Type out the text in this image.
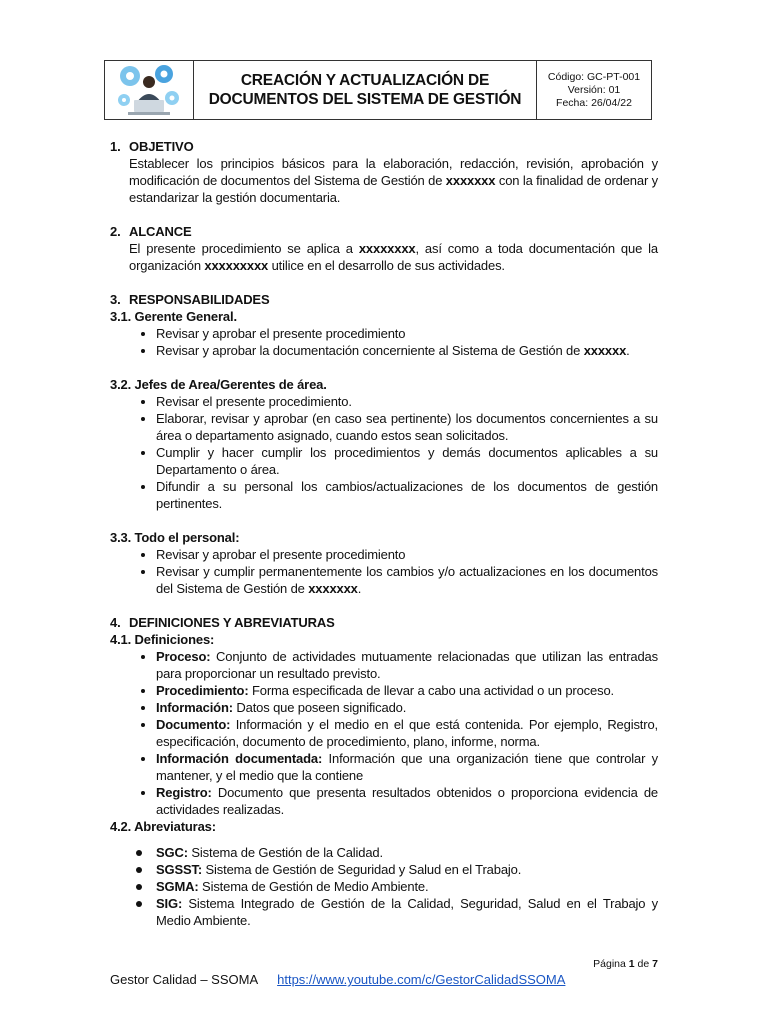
CREACIÓN Y ACTUALIZACIÓN DE
DOCUMENTOS DEL SISTEMA DE GESTIÓN
Código: GC-PT-001
Versión: 01
Fecha: 26/04/22
1. OBJETIVO
Establecer los principios básicos para la elaboración, redacción, revisión, aprobación y modificación de documentos del Sistema de Gestión de xxxxxxx con la finalidad de ordenar y estandarizar la gestión documentaria.
2. ALCANCE
El presente procedimiento se aplica a xxxxxxxx, así como a toda documentación que la organización xxxxxxxxx utilice en el desarrollo de sus actividades.
3. RESPONSABILIDADES
3.1. Gerente General.
• Revisar y aprobar el presente procedimiento
• Revisar y aprobar la documentación concerniente al Sistema de Gestión de xxxxxx.
3.2. Jefes de Area/Gerentes de área.
• Revisar el presente procedimiento.
• Elaborar, revisar y aprobar (en caso sea pertinente) los documentos concernientes a su área o departamento asignado, cuando estos sean solicitados.
• Cumplir y hacer cumplir los procedimientos y demás documentos aplicables a su Departamento o área.
• Difundir a su personal los cambios/actualizaciones de los documentos de gestión pertinentes.
3.3. Todo el personal:
• Revisar y aprobar el presente procedimiento
• Revisar y cumplir permanentemente los cambios y/o actualizaciones en los documentos del Sistema de Gestión de xxxxxxx.
4. DEFINICIONES Y ABREVIATURAS
4.1. Definiciones:
• Proceso: Conjunto de actividades mutuamente relacionadas que utilizan las entradas para proporcionar un resultado previsto.
• Procedimiento: Forma especificada de llevar a cabo una actividad o un proceso.
• Información: Datos que poseen significado.
• Documento: Información y el medio en el que está contenida. Por ejemplo, Registro, especificación, documento de procedimiento, plano, informe, norma.
• Información documentada: Información que una organización tiene que controlar y mantener, y el medio que la contiene
• Registro: Documento que presenta resultados obtenidos o proporciona evidencia de actividades realizadas.
4.2. Abreviaturas:
SGC: Sistema de Gestión de la Calidad.
SGSST: Sistema de Gestión de Seguridad y Salud en el Trabajo.
SGMA: Sistema de Gestión de Medio Ambiente.
SIG: Sistema Integrado de Gestión de la Calidad, Seguridad, Salud en el Trabajo y Medio Ambiente.
Página 1 de 7
Gestor Calidad – SSOMA https://www.youtube.com/c/GestorCalidadSSOMA
